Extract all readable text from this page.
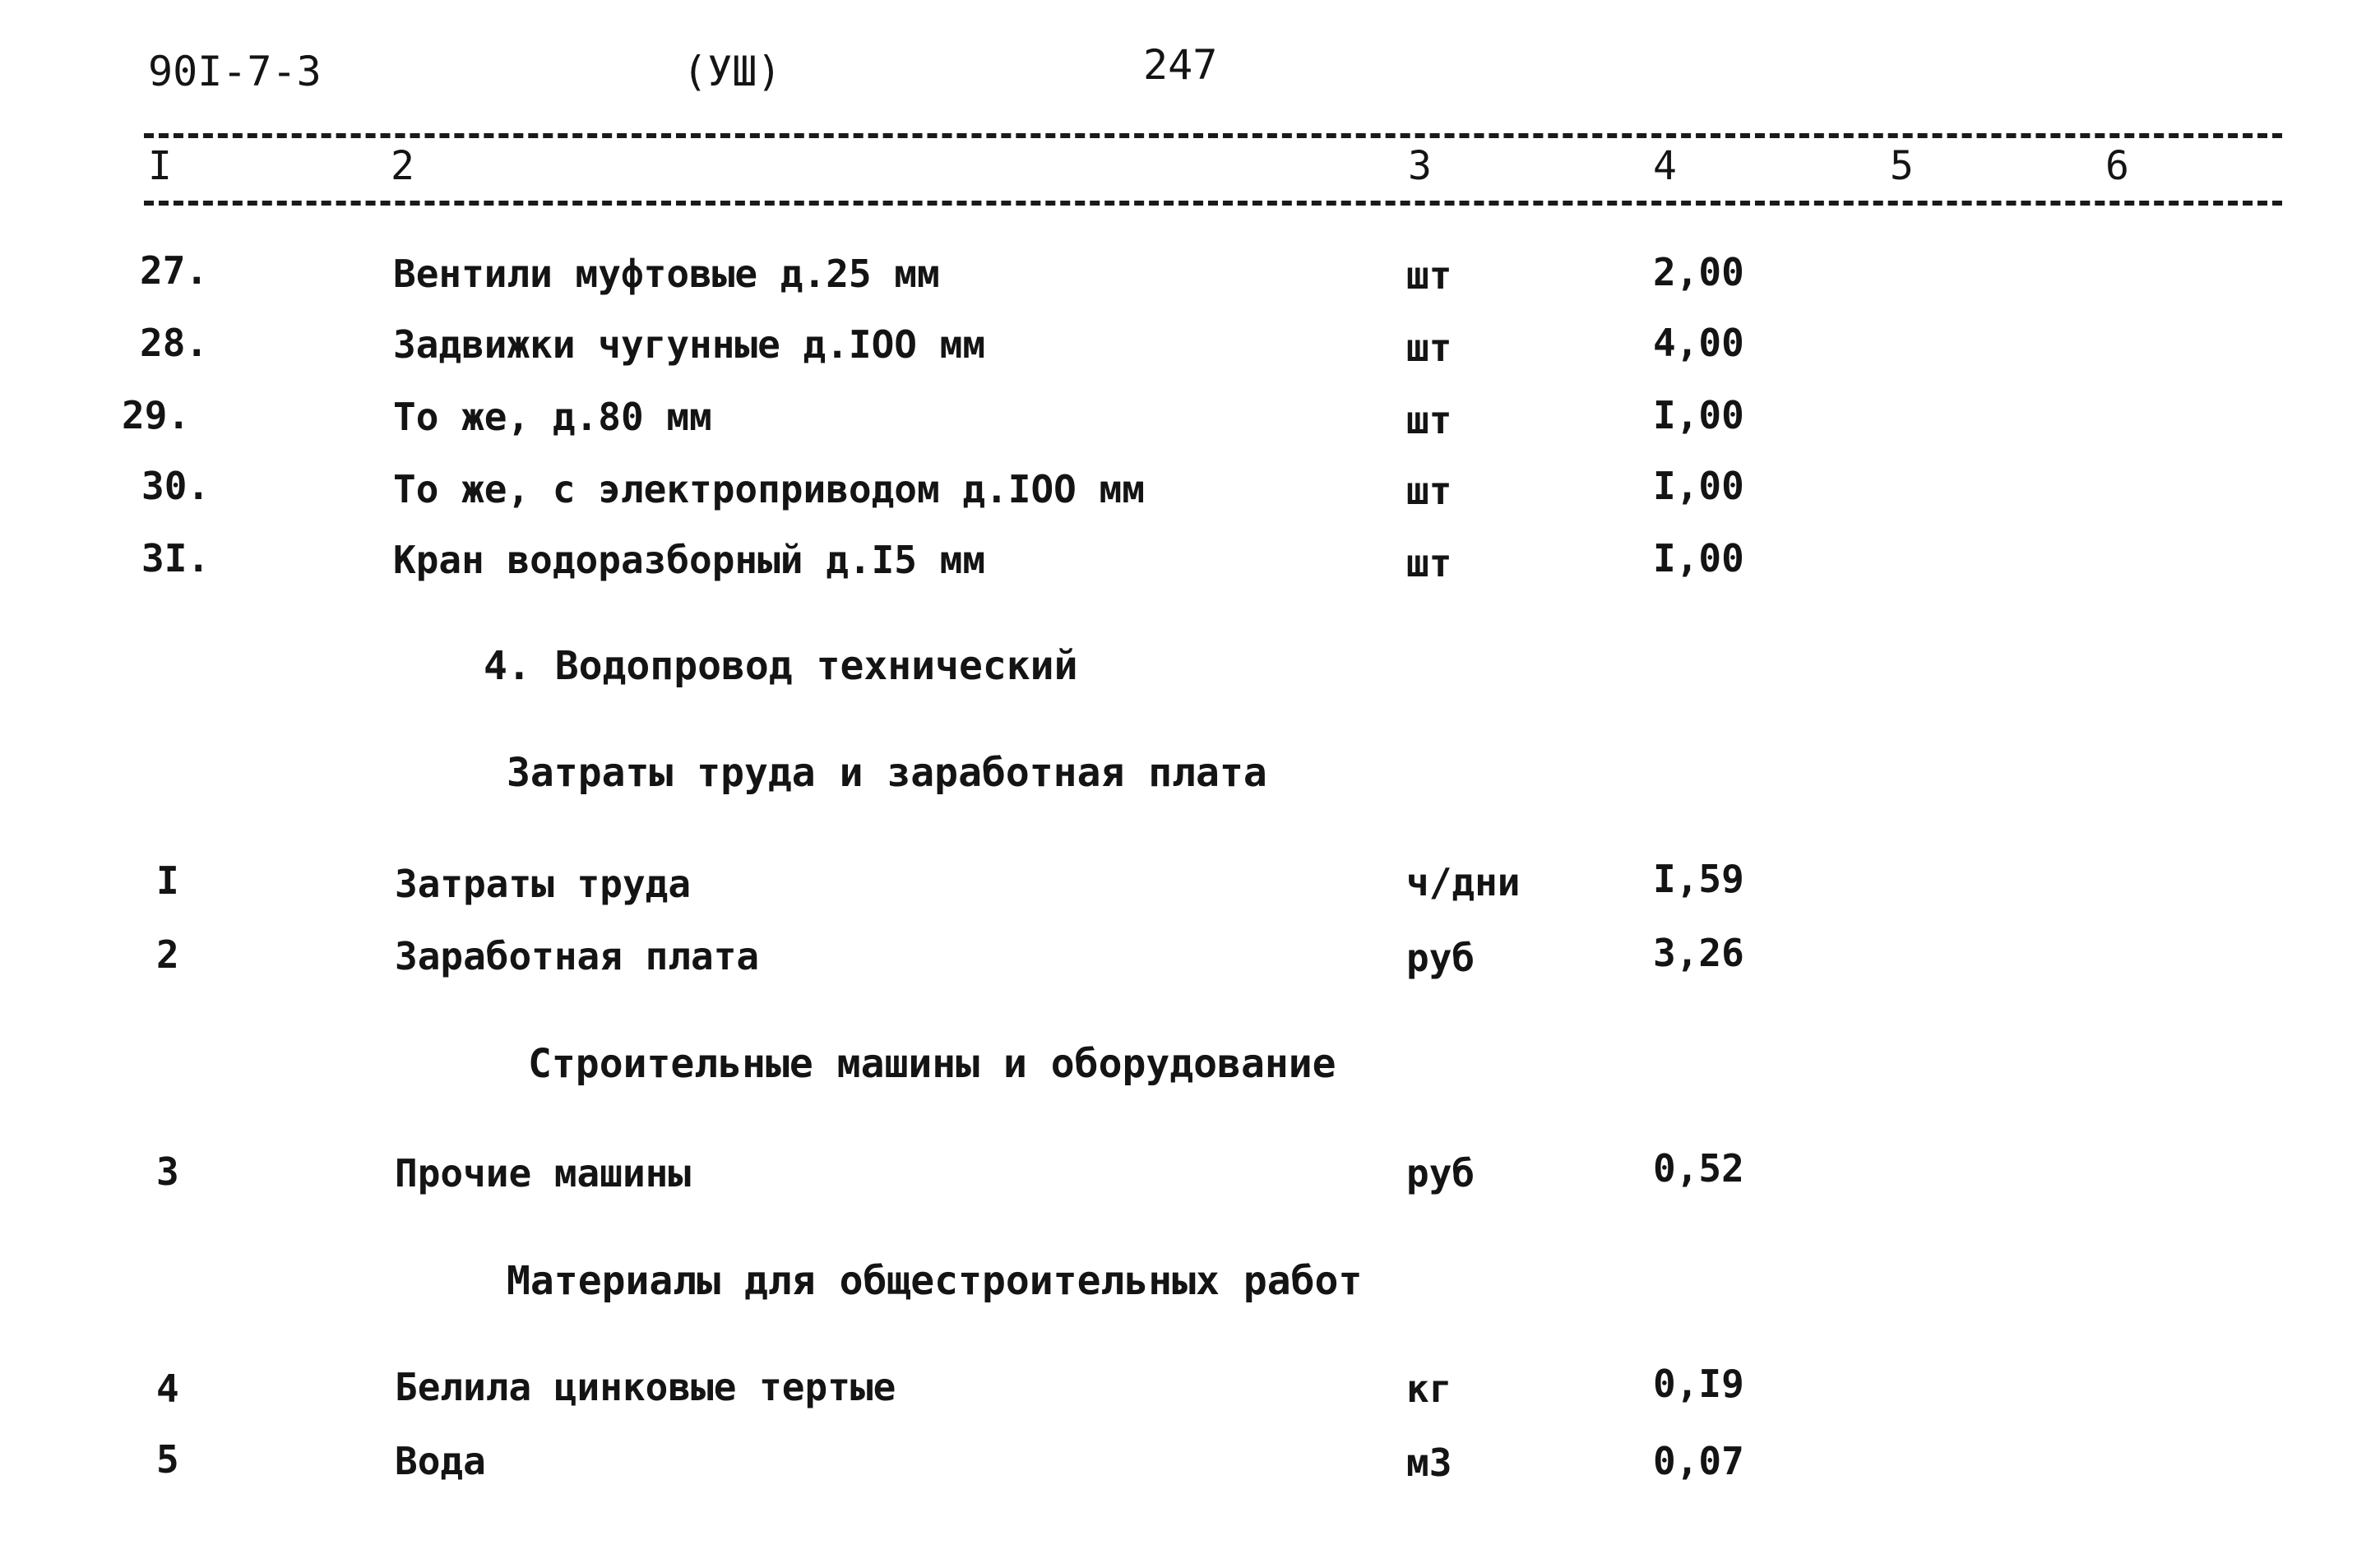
90I-7-3	(УШ)	247
I	2	3	4	5	6
27.	Вентили муфтовые д.25 мм	шт	2,00
28.	Задвижки чугунные д.IOO мм	шт	4,00
29.	То же, д.80 мм	шт	I,00
30.	То же, с электроприводом д.IOO мм	шт	I,00
3I.	Кран водоразборный д.I5 мм	шт	I,00
4. Водопровод технический
Затраты труда и заработная плата
I	Затраты труда	ч/дни	I,59
2	Заработная плата	руб	3,26
Строительные машины и оборудование
3	Прочие машины	руб	0,52
Материалы для общестроительных работ
4	Белила цинковые тертые	кг	0,I9
5	Вода	м3	0,07
